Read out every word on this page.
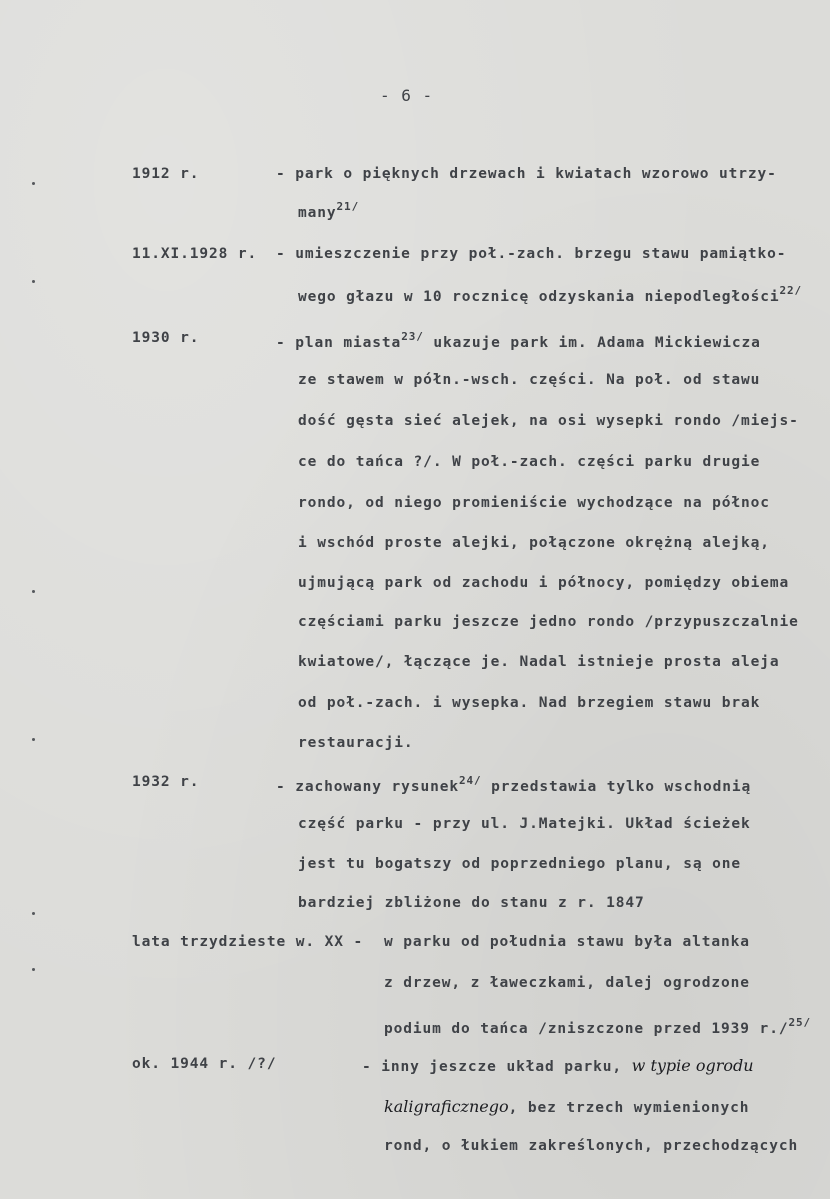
- 6 -
1912 r.	- park o pięknych drzewach i kwiatach wzorowo utrzy-
many$^{21/}$
11.XI.1928 r. - umieszczenie przy poł.-zach. brzegu stawu pamiątko-
wego głazu w 10 rocznicę odzyskania niepodległości$^{22/}$
1930 r.	- plan miasta$^{23/}$ ukazuje park im. Adama Mickiewicza
ze stawem w półn.-wsch. części. Na poł. od stawu
dość gęsta sieć alejek, na osi wysepki rondo /miejs-
ce do tańca ?/. W poł.-zach. części parku drugie
rondo, od niego promieniście wychodzące na północ
i wschód proste alejki, połączone okrężną alejką,
ujmującą park od zachodu i północy, pomiędzy obiema
częściami parku jeszcze jedno rondo /przypuszczalnie
kwiatowe/, łączące je. Nadal istnieje prosta aleja
od poł.-zach. i wysepka. Nad brzegiem stawu brak
restauracji.
1932 r.	- zachowany rysunek$^{24/}$ przedstawia tylko wschodnią
część parku - przy ul. J.Matejki. Układ ścieżek
jest tu bogatszy od poprzedniego planu, są one
bardziej zbliżone do stanu z r. 1847
lata trzydzieste w. XX - w parku od południa stawu była altanka
z drzew, z ławeczkami, dalej ogrodzone
podium do tańca /zniszczone przed 1939 r./$^{25/}$
ok. 1944 r. /?/	- inny jeszcze układ parku, w typie ogrodu
kaligraficznego, bez trzech wymienionych
rond, o łukiem zakreślonych, przechodzących
